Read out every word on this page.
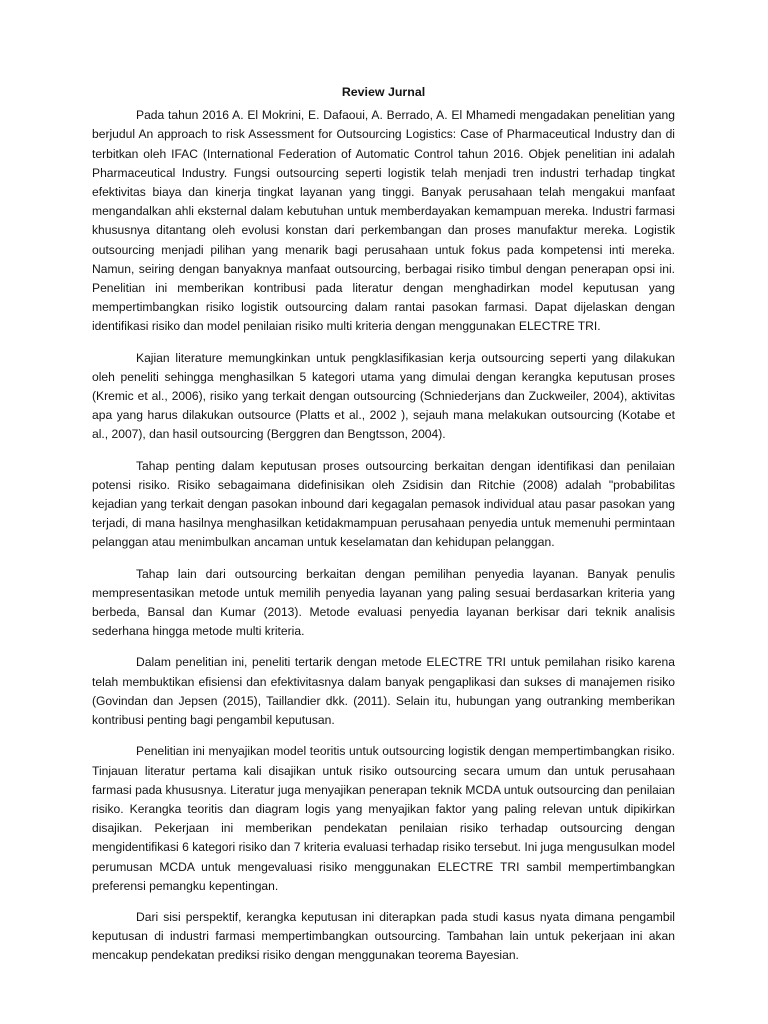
Review Jurnal

Pada tahun 2016 A. El Mokrini, E. Dafaoui, A. Berrado, A. El Mhamedi mengadakan penelitian yang berjudul An approach to risk Assessment for Outsourcing Logistics: Case of Pharmaceutical Industry dan di terbitkan oleh IFAC (International Federation of Automatic Control tahun 2016. Objek penelitian ini adalah Pharmaceutical Industry. Fungsi outsourcing seperti logistik telah menjadi tren industri terhadap tingkat efektivitas biaya dan kinerja tingkat layanan yang tinggi. Banyak perusahaan telah mengakui manfaat mengandalkan ahli eksternal dalam kebutuhan untuk memberdayakan kemampuan mereka. Industri farmasi khususnya ditantang oleh evolusi konstan dari perkembangan dan proses manufaktur mereka. Logistik outsourcing menjadi pilihan yang menarik bagi perusahaan untuk fokus pada kompetensi inti mereka. Namun, seiring dengan banyaknya manfaat outsourcing, berbagai risiko timbul dengan penerapan opsi ini. Penelitian ini memberikan kontribusi pada literatur dengan menghadirkan model keputusan yang mempertimbangkan risiko logistik outsourcing dalam rantai pasokan farmasi. Dapat dijelaskan dengan identifikasi risiko dan model penilaian risiko multi kriteria dengan menggunakan ELECTRE TRI.

Kajian literature memungkinkan untuk pengklasifikasian kerja outsourcing seperti yang dilakukan oleh peneliti sehingga menghasilkan 5 kategori utama yang dimulai dengan kerangka keputusan proses (Kremic et al., 2006), risiko yang terkait dengan outsourcing (Schniederjans dan Zuckweiler, 2004), aktivitas apa yang harus dilakukan outsource (Platts et al., 2002 ), sejauh mana melakukan outsourcing (Kotabe et al., 2007), dan hasil outsourcing (Berggren dan Bengtsson, 2004).

Tahap penting dalam keputusan proses outsourcing berkaitan dengan identifikasi dan penilaian potensi risiko. Risiko sebagaimana didefinisikan oleh Zsidisin dan Ritchie (2008) adalah "probabilitas kejadian yang terkait dengan pasokan inbound dari kegagalan pemasok individual atau pasar pasokan yang terjadi, di mana hasilnya menghasilkan ketidakmampuan perusahaan penyedia untuk memenuhi permintaan pelanggan atau menimbulkan ancaman untuk keselamatan dan kehidupan pelanggan.

Tahap lain dari outsourcing berkaitan dengan pemilihan penyedia layanan. Banyak penulis mempresentasikan metode untuk memilih penyedia layanan yang paling sesuai berdasarkan kriteria yang berbeda, Bansal dan Kumar (2013). Metode evaluasi penyedia layanan berkisar dari teknik analisis sederhana hingga metode multi kriteria.

Dalam penelitian ini, peneliti tertarik dengan metode ELECTRE TRI untuk pemilahan risiko karena telah membuktikan efisiensi dan efektivitasnya dalam banyak pengaplikasi dan sukses di manajemen risiko (Govindan dan Jepsen (2015), Taillandier dkk. (2011). Selain itu, hubungan yang outranking memberikan kontribusi penting bagi pengambil keputusan.

Penelitian ini menyajikan model teoritis untuk outsourcing logistik dengan mempertimbangkan risiko. Tinjauan literatur pertama kali disajikan untuk risiko outsourcing secara umum dan untuk perusahaan farmasi pada khususnya. Literatur juga menyajikan penerapan teknik MCDA untuk outsourcing dan penilaian risiko. Kerangka teoritis dan diagram logis yang menyajikan faktor yang paling relevan untuk dipikirkan disajikan. Pekerjaan ini memberikan pendekatan penilaian risiko terhadap outsourcing dengan mengidentifikasi 6 kategori risiko dan 7 kriteria evaluasi terhadap risiko tersebut. Ini juga mengusulkan model perumusan MCDA untuk mengevaluasi risiko menggunakan ELECTRE TRI sambil mempertimbangkan preferensi pemangku kepentingan.

Dari sisi perspektif, kerangka keputusan ini diterapkan pada studi kasus nyata dimana pengambil keputusan di industri farmasi mempertimbangkan outsourcing. Tambahan lain untuk pekerjaan ini akan mencakup pendekatan prediksi risiko dengan menggunakan teorema Bayesian.
